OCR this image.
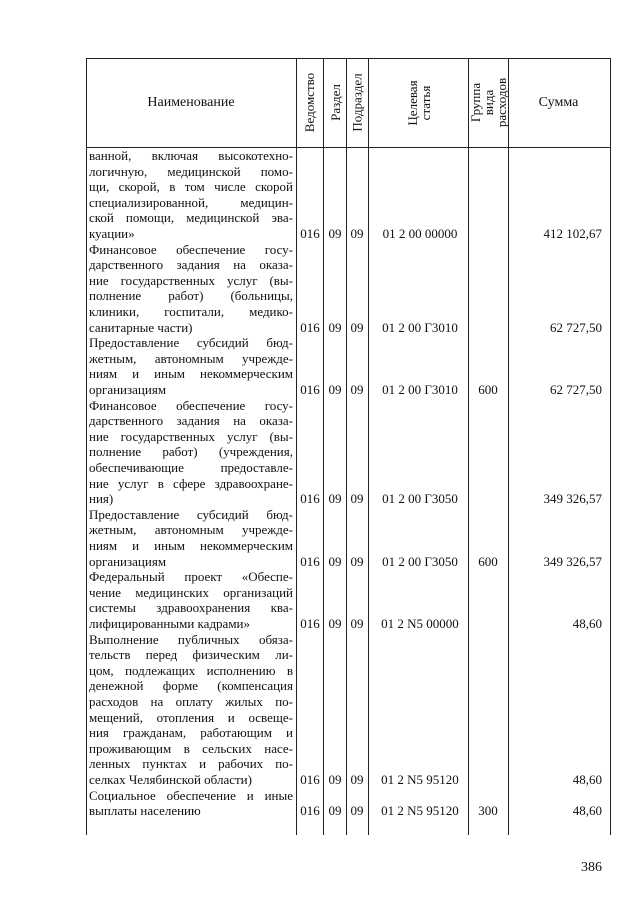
Наименование	Ведомство Раздел Подраздел	Целевая статья	Группа вида расходов	Сумма
ванной, включая высокотехно-
логичную, медицинской помо-
щи, скорой, в том числе скорой
специализированной, медицин-
ской помощи, медицинской эва-
куации»	016 09 09	01 2 00 00000	412 102,67
Финансовое обеспечение госу-
дарственного задания на оказа-
ние государственных услуг (вы-
полнение работ) (больницы,
клиники, госпитали, медико-
санитарные части)	016 09 09	01 2 00 Г3010	62 727,50
Предоставление субсидий бюд-
жетным, автономным учрежде-
ниям и иным некоммерческим
организациям	016 09 09	01 2 00 Г3010	600	62 727,50
Финансовое обеспечение госу-
дарственного задания на оказа-
ние государственных услуг (вы-
полнение работ) (учреждения,
обеспечивающие предоставле-
ние услуг в сфере здравоохране-
ния)	016 09 09	01 2 00 Г3050	349 326,57
Предоставление субсидий бюд-
жетным, автономным учрежде-
ниям и иным некоммерческим
организациям	016 09 09	01 2 00 Г3050	600	349 326,57
Федеральный проект «Обеспе-
чение медицинских организаций
системы здравоохранения ква-
лифицированными кадрами»	016 09 09	01 2 N5 00000	48,60
Выполнение публичных обяза-
тельств перед физическим ли-
цом, подлежащих исполнению в
денежной форме (компенсация
расходов на оплату жилых по-
мещений, отопления и освеще-
ния гражданам, работающим и
проживающим в сельских насе-
ленных пунктах и рабочих по-
селках Челябинской области)	016 09 09	01 2 N5 95120	48,60
Социальное обеспечение и иные
выплаты населению	016 09 09	01 2 N5 95120	300	48,60
386
